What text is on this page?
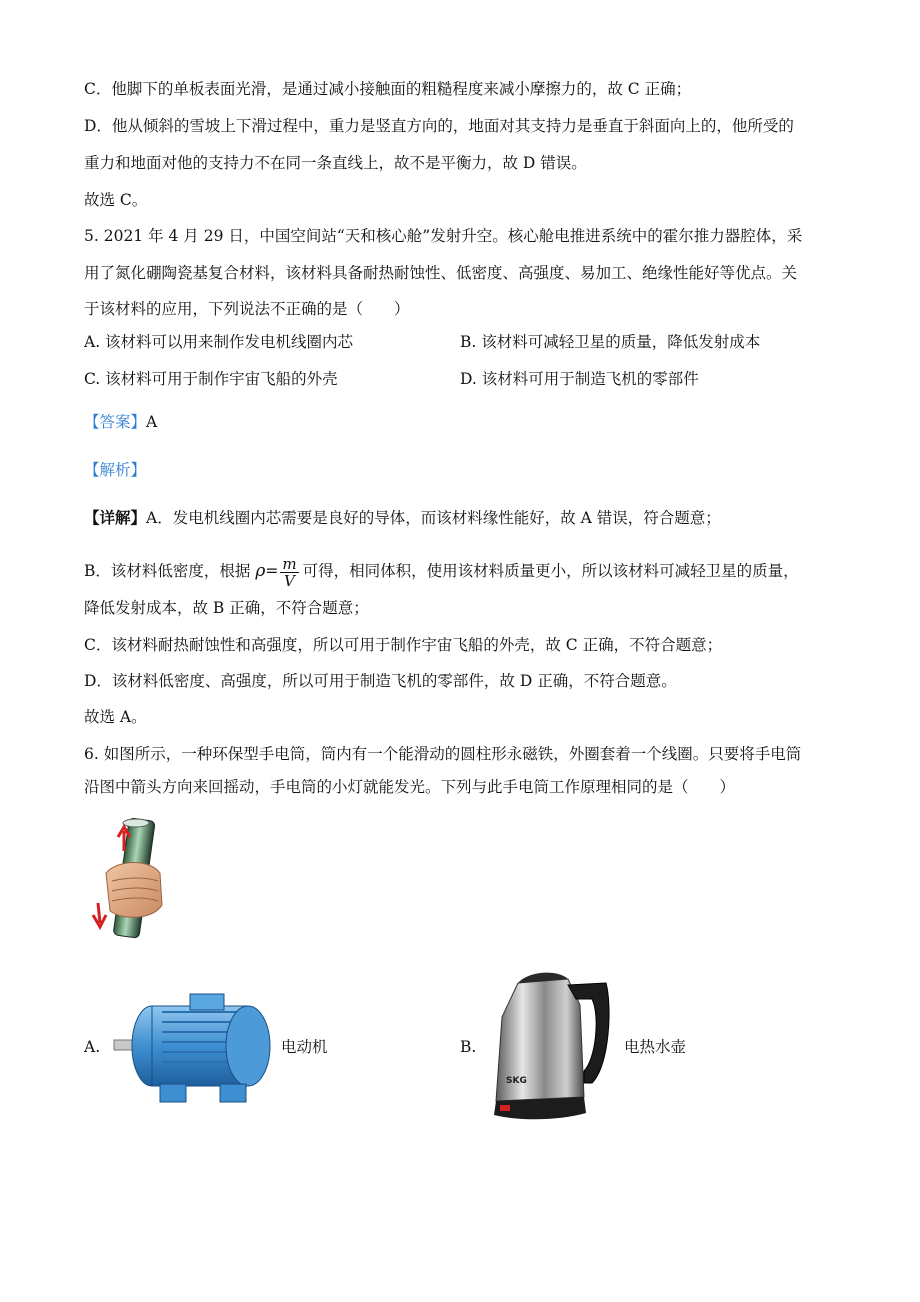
C．他脚下的单板表面光滑，是通过减小接触面的粗糙程度来减小摩擦力的，故 C 正确；
D．他从倾斜的雪坡上下滑过程中，重力是竖直方向的，地面对其支持力是垂直于斜面向上的，他所受的
重力和地面对他的支持力不在同一条直线上，故不是平衡力，故 D 错误。
故选 C。
5. 2021 年 4 月 29 日，中国空间站“天和核心舱”发射升空。核心舱电推进系统中的霍尔推力器腔体，采
用了氮化硼陶瓷基复合材料，该材料具备耐热耐蚀性、低密度、高强度、易加工、绝缘性能好等优点。关
于该材料的应用，下列说法不正确的是（　　）
A. 该材料可以用来制作发电机线圈内芯	B. 该材料可减轻卫星的质量，降低发射成本
C. 该材料可用于制作宇宙飞船的外壳	D. 该材料可用于制造飞机的零部件
【答案】A
【解析】
【详解】A．发电机线圈内芯需要是良好的导体，而该材料缘性能好，故 A 错误，符合题意；
B．该材料低密度，根据 $\rho= \frac{m}{V}$ 可得，相同体积，使用该材料质量更小，所以该材料可减轻卫星的质量，
降低发射成本，故 B 正确，不符合题意；
C．该材料耐热耐蚀性和高强度，所以可用于制作宇宙飞船的外壳，故 C 正确，不符合题意；
D．该材料低密度、高强度，所以可用于制造飞机的零部件，故 D 正确，不符合题意。
故选 A。
6. 如图所示，一种环保型手电筒，筒内有一个能滑动的圆柱形永磁铁，外圈套着一个线圈。只要将手电筒
沿图中箭头方向来回摇动，手电筒的小灯就能发光。下列与此手电筒工作原理相同的是（　　）
A.	电动机	B.
SKG
电热水壶
